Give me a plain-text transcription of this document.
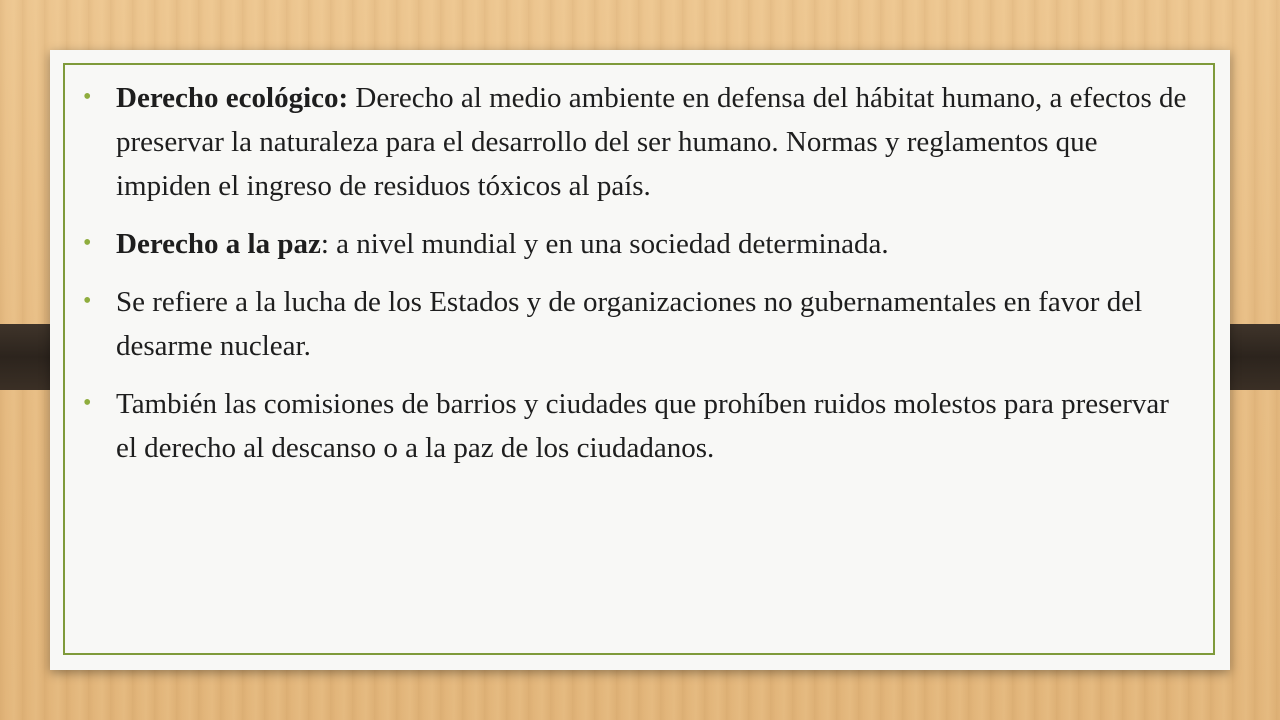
• Derecho ecológico: Derecho al medio ambiente en defensa del hábitat humano, a efectos de preservar la naturaleza para el desarrollo del ser humano. Normas y reglamentos que impiden el ingreso de residuos tóxicos al país.
• Derecho a la paz: a nivel mundial y en una sociedad determinada.
• Se refiere a la lucha de los Estados y de organizaciones no gubernamentales en favor del desarme nuclear.
• También las comisiones de barrios y ciudades que prohíben ruidos molestos para preservar el derecho al descanso o a la paz de los ciudadanos.
